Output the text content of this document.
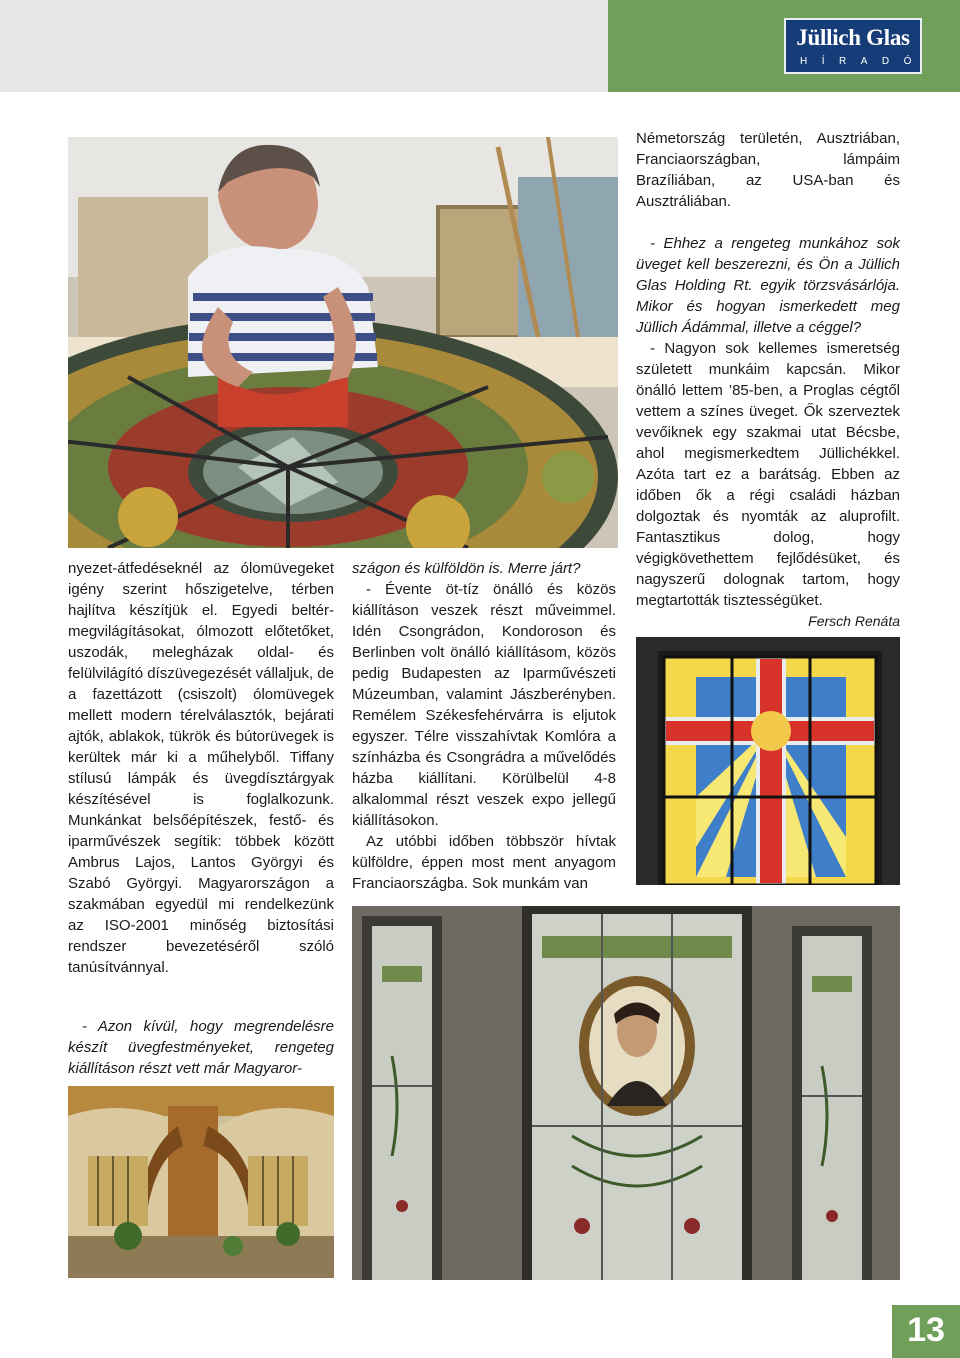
Jüllich Glas
HÍRADÓ

nyezet-átfedéseknél az ólomüvegeket igény szerint hőszigetelve, térben hajlítva készítjük el. Egyedi beltér-megvilágításokat, ólmozott előtetőket, uszodák, melegházak oldal- és felülvilágító díszüvegezését vállaljuk, de a fazettázott (csiszolt) ólomüvegek mellett modern térelválasztók, bejárati ajtók, ablakok, tükrök és bútorüvegek is kerültek már ki a műhelyből. Tiffany stílusú lámpák és üvegdísztárgyak készítésével is foglalkozunk. Munkánkat belsőépítészek, festő- és iparművészek segítik: többek között Ambrus Lajos, Lantos Györgyi és Szabó Györgyi. Magyarországon a szakmában egyedül mi rendelkezünk az ISO-2001 minőség biztosítási rendszer bevezetéséről szóló tanúsítvánnyal.

- Azon kívül, hogy megrendelésre készít üvegfestményeket, rengeteg kiállításon részt vett már Magyaror-

szágon és külföldön is. Merre járt?

- Évente öt-tíz önálló és közös kiállításon veszek részt műveimmel. Idén Csongrádon, Kondoroson és Berlinben volt önálló kiállításom, közös pedig Budapesten az Iparművészeti Múzeumban, valamint Jászberényben. Remélem Székesfehérvárra is eljutok egyszer. Télre visszahívtak Komlóra a színházba és Csongrádra a művelődés házba kiállítani. Körülbelül 4-8 alkalommal részt veszek expo jellegű kiállításokon.

Az utóbbi időben többször hívtak külföldre, éppen most ment anyagom Franciaországba. Sok munkám van

Németország területén, Ausztriában, Franciaországban, lámpáim Brazíliában, az USA-ban és Ausztráliában.

- Ehhez a rengeteg munkához sok üveget kell beszerezni, és Ön a Jüllich Glas Holding Rt. egyik törzsvásárlója. Mikor és hogyan ismerkedett meg Jüllich Ádámmal, illetve a céggel?

- Nagyon sok kellemes ismeretség született munkáim kapcsán. Mikor önálló lettem ’85-ben, a Proglas cégtől vettem a színes üveget. Ők szerveztek vevőiknek egy szakmai utat Bécsbe, ahol megismerkedtem Jüllichékkel. Azóta tart ez a barátság. Ebben az időben ők a régi családi házban dolgoztak és nyomták az aluprofilt. Fantasztikus dolog, hogy végigkövethettem fejlődésüket, és nagyszerű dolognak tartom, hogy megtartották tisztességüket.

Fersch Renáta

13
